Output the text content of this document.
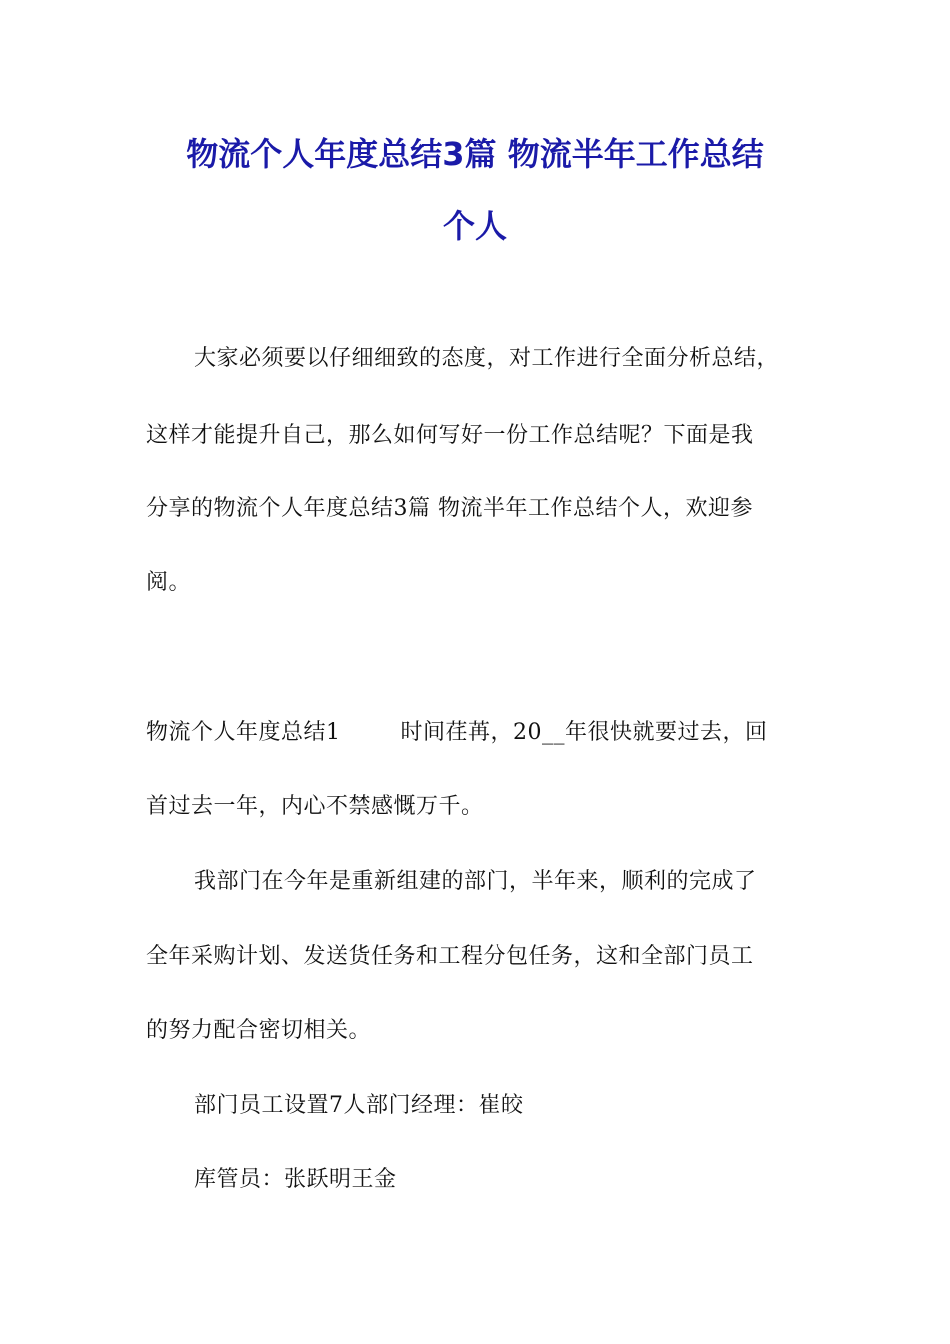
物流个人年度总结3篇 物流半年工作总结
个人
大家必须要以仔细细致的态度，对工作进行全面分析总结，
这样才能提升自己，那么如何写好一份工作总结呢？下面是我
分享的物流个人年度总结3篇 物流半年工作总结个人，欢迎参
阅。
物流个人年度总结1	时间荏苒，20__年很快就要过去，回
首过去一年，内心不禁感慨万千。
我部门在今年是重新组建的部门，半年来，顺利的完成了
全年采购计划、发送货任务和工程分包任务，这和全部门员工
的努力配合密切相关。
部门员工设置7人部门经理：崔皎
库管员：张跃明王金
